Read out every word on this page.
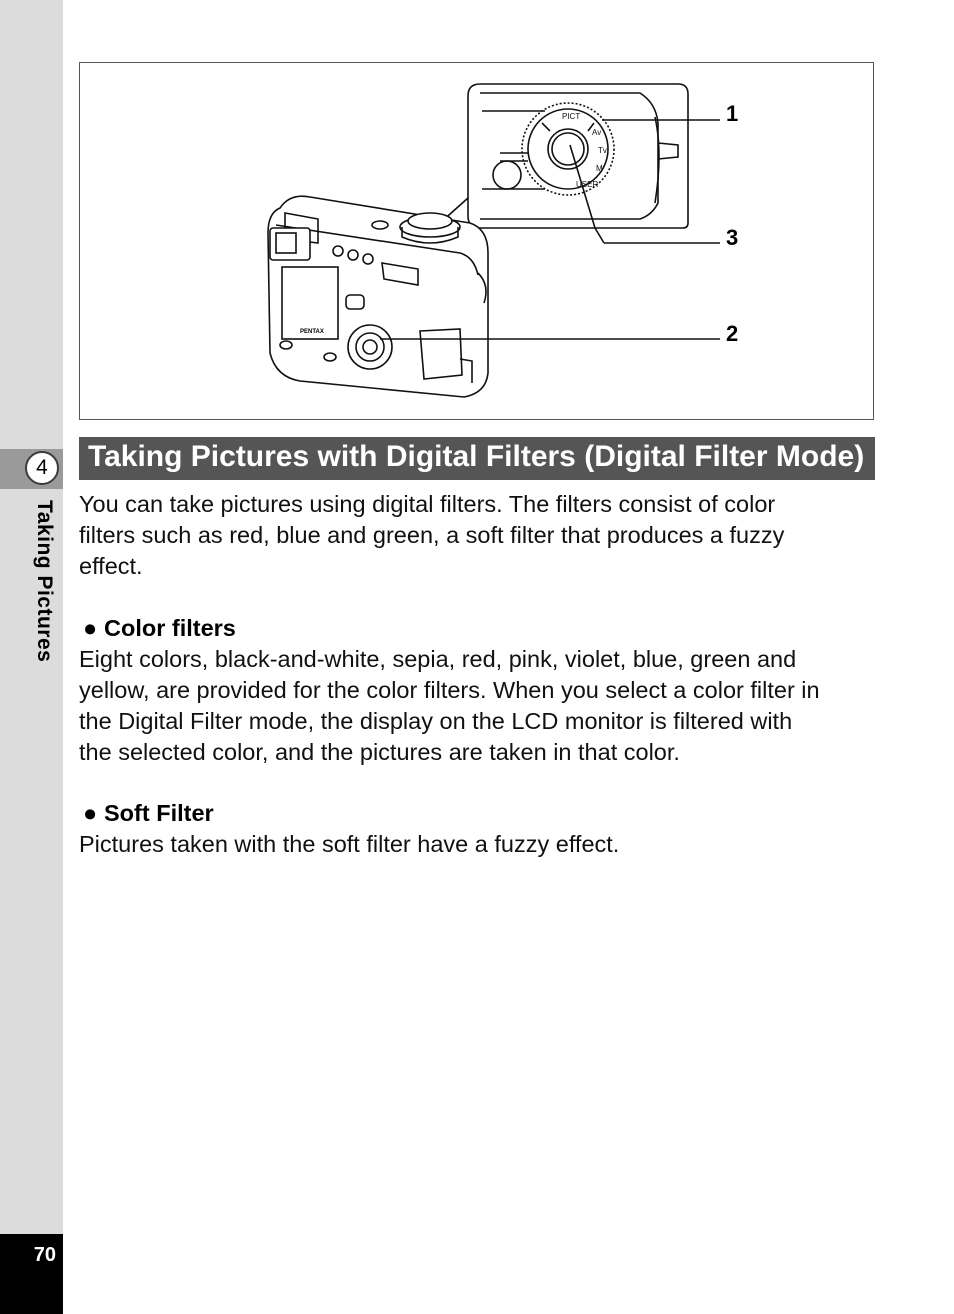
4
Taking Pictures
70
PENTAX
PICT
Av
Tv
M
USER
1
3
2
Taking Pictures with Digital Filters (Digital Filter Mode)
You can take pictures using digital filters. The filters consist of color
filters such as red, blue and green, a soft filter that produces a fuzzy
effect.
● Color filters
Eight colors, black-and-white, sepia, red, pink, violet, blue, green and
yellow, are provided for the color filters. When you select a color filter in
the Digital Filter mode, the display on the LCD monitor is filtered with
the selected color, and the pictures are taken in that color.
● Soft Filter
Pictures taken with the soft filter have a fuzzy effect.
